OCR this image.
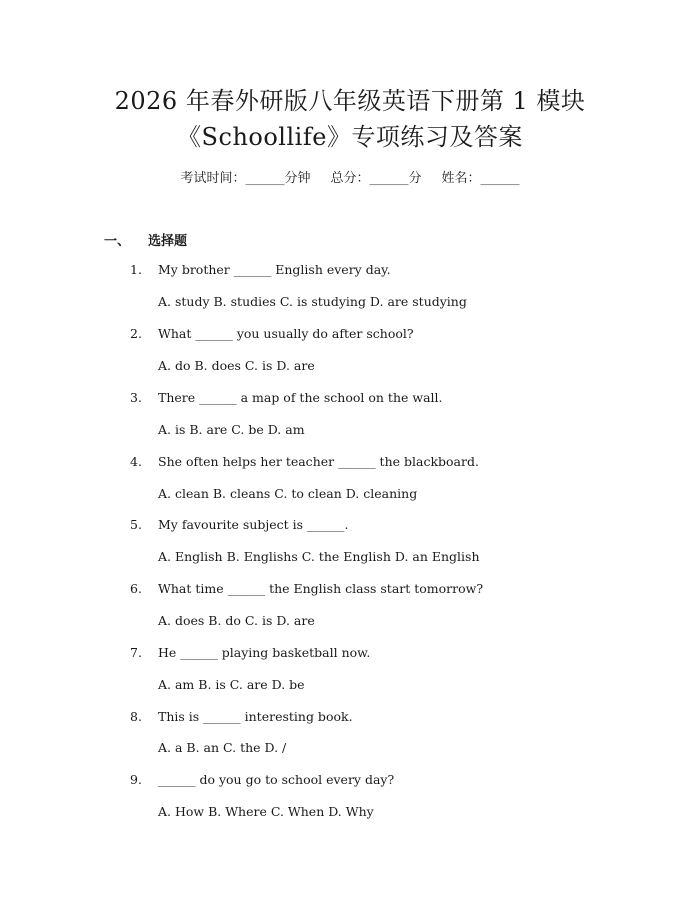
2026 年春外研版八年级英语下册第 1 模块
《Schoollife》专项练习及答案
考试时间：______分钟 总分：______分 姓名：______
一、 选择题
1. My brother ______ English every day.
A. study B. studies C. is studying D. are studying
2. What ______ you usually do after school?
A. do B. does C. is D. are
3. There ______ a map of the school on the wall.
A. is B. are C. be D. am
4. She often helps her teacher ______ the blackboard.
A. clean B. cleans C. to clean D. cleaning
5. My favourite subject is ______.
A. English B. Englishs C. the English D. an English
6. What time ______ the English class start tomorrow?
A. does B. do C. is D. are
7. He ______ playing basketball now.
A. am B. is C. are D. be
8. This is ______ interesting book.
A. a B. an C. the D. /
9. ______ do you go to school every day?
A. How B. Where C. When D. Why
